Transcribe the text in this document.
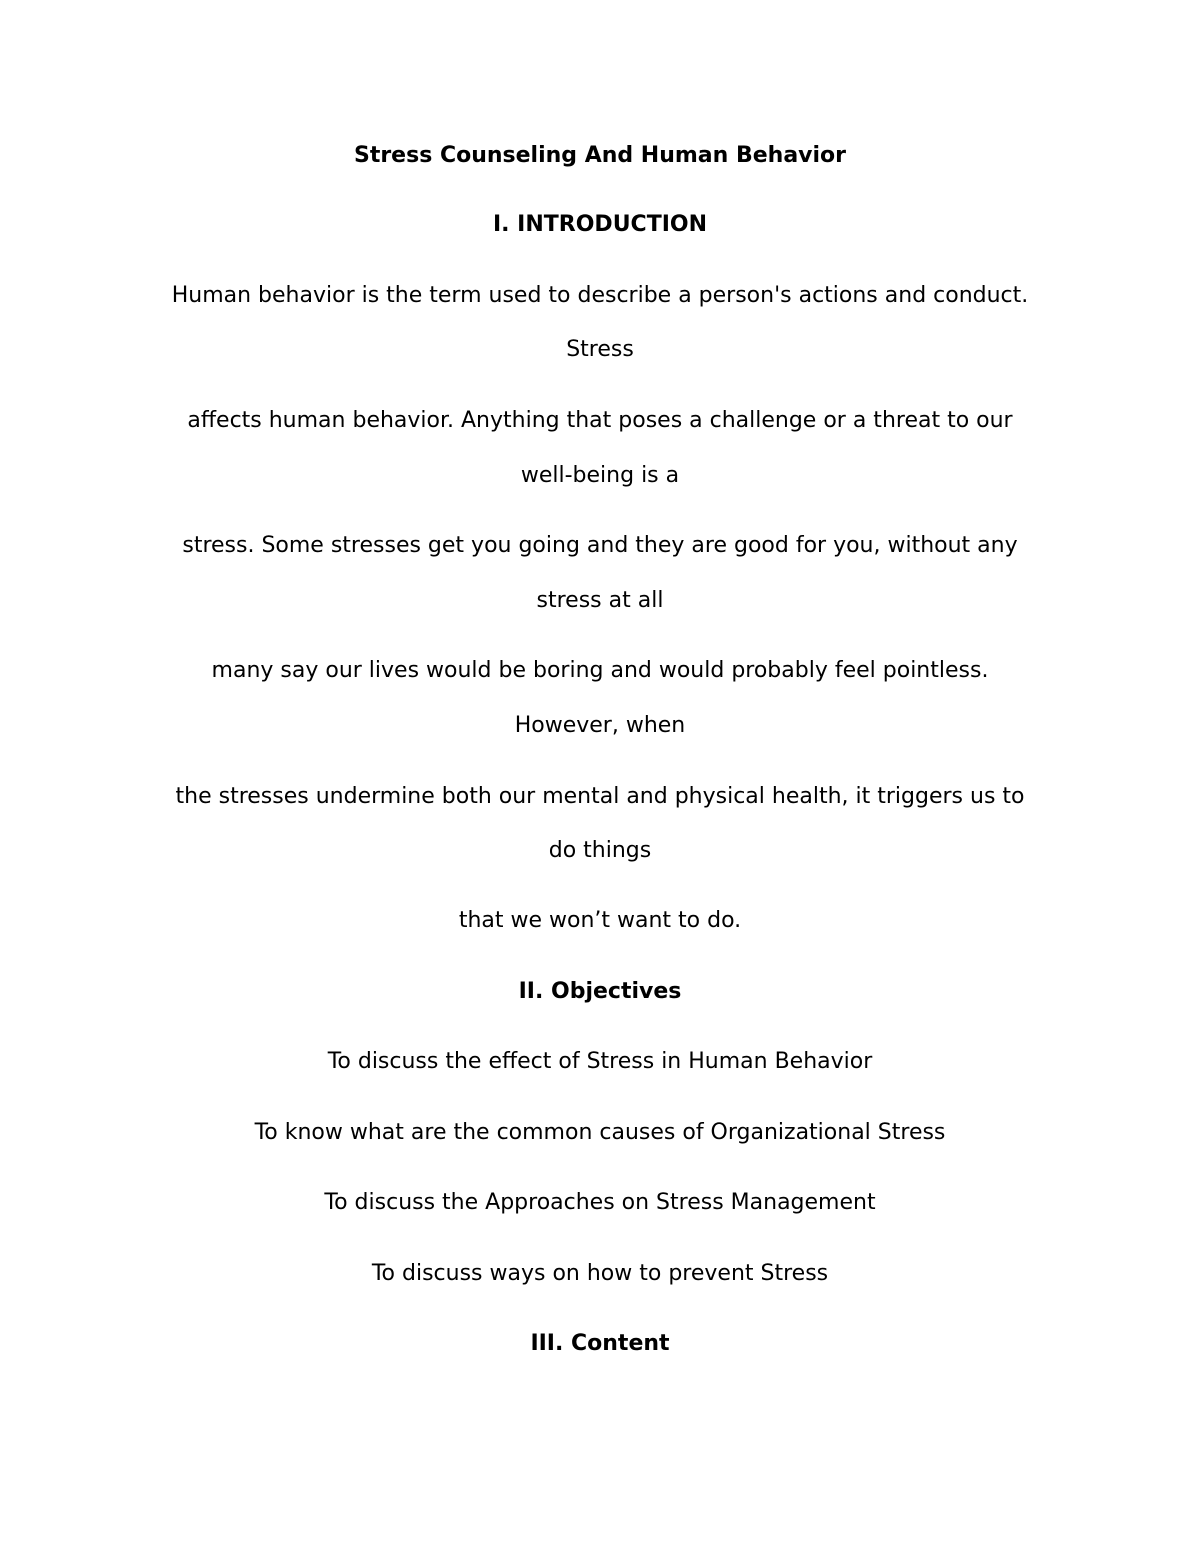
Stress Counseling And Human Behavior
I. INTRODUCTION
Human behavior is the term used to describe a person's actions and conduct.
Stress
affects human behavior. Anything that poses a challenge or a threat to our
well-being is a
stress. Some stresses get you going and they are good for you, without any
stress at all
many say our lives would be boring and would probably feel pointless.
However, when
the stresses undermine both our mental and physical health, it triggers us to
do things
that we won’t want to do.
II. Objectives
To discuss the effect of Stress in Human Behavior
To know what are the common causes of Organizational Stress
To discuss the Approaches on Stress Management
To discuss ways on how to prevent Stress
III. Content
